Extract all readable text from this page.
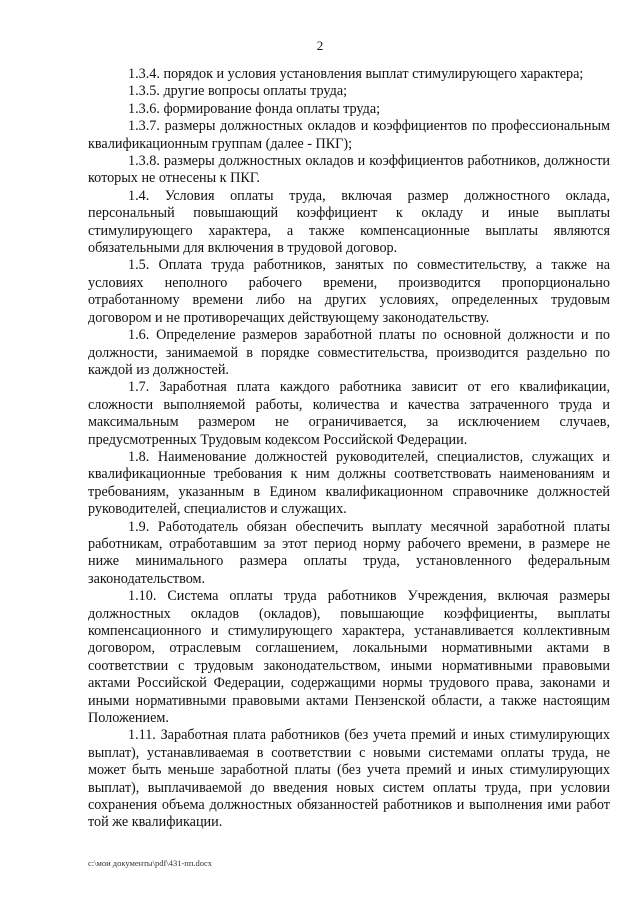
2

1.3.4. порядок и условия установления выплат стимулирующего характера;

1.3.5. другие вопросы оплаты труда;

1.3.6. формирование фонда оплаты труда;

1.3.7. размеры должностных окладов и коэффициентов по профессиональным квалификационным группам (далее - ПКГ);

1.3.8. размеры должностных окладов и коэффициентов работников, должности которых не отнесены к ПКГ.

1.4. Условия оплаты труда, включая размер должностного оклада, персональный повышающий коэффициент к окладу и иные выплаты стимулирующего характера, а также компенсационные выплаты являются обязательными для включения в трудовой договор.

1.5. Оплата труда работников, занятых по совместительству, а также на условиях неполного рабочего времени, производится пропорционально отработанному времени либо на других условиях, определенных трудовым договором и не противоречащих действующему законодательству.

1.6. Определение размеров заработной платы по основной должности и по должности, занимаемой в порядке совместительства, производится раздельно по каждой из должностей.

1.7. Заработная плата каждого работника зависит от его квалификации, сложности выполняемой работы, количества и качества затраченного труда и максимальным размером не ограничивается, за исключением случаев, предусмотренных Трудовым кодексом Российской Федерации.

1.8. Наименование должностей руководителей, специалистов, служащих и квалификационные требования к ним должны соответствовать наименованиям и требованиям, указанным в Едином квалификационном справочнике должностей руководителей, специалистов и служащих.

1.9. Работодатель обязан обеспечить выплату месячной заработной платы работникам, отработавшим за этот период норму рабочего времени, в размере не ниже минимального размера оплаты труда, установленного федеральным законодательством.

1.10. Система оплаты труда работников Учреждения, включая размеры должностных окладов (окладов), повышающие коэффициенты, выплаты компенсационного и стимулирующего характера, устанавливается коллективным договором, отраслевым соглашением, локальными нормативными актами в соответствии с трудовым законодательством, иными нормативными правовыми актами Российской Федерации, содержащими нормы трудового права, законами и иными нормативными правовыми актами Пензенской области, а также настоящим Положением.

1.11. Заработная плата работников (без учета премий и иных стимулирующих выплат), устанавливаемая в соответствии с новыми системами оплаты труда, не может быть меньше заработной платы (без учета премий и иных стимулирующих выплат), выплачиваемой до введения новых систем оплаты труда, при условии сохранения объема должностных обязанностей работников и выполнения ими работ той же квалификации.

c:\мои документы\pdf\431-пп.docx
